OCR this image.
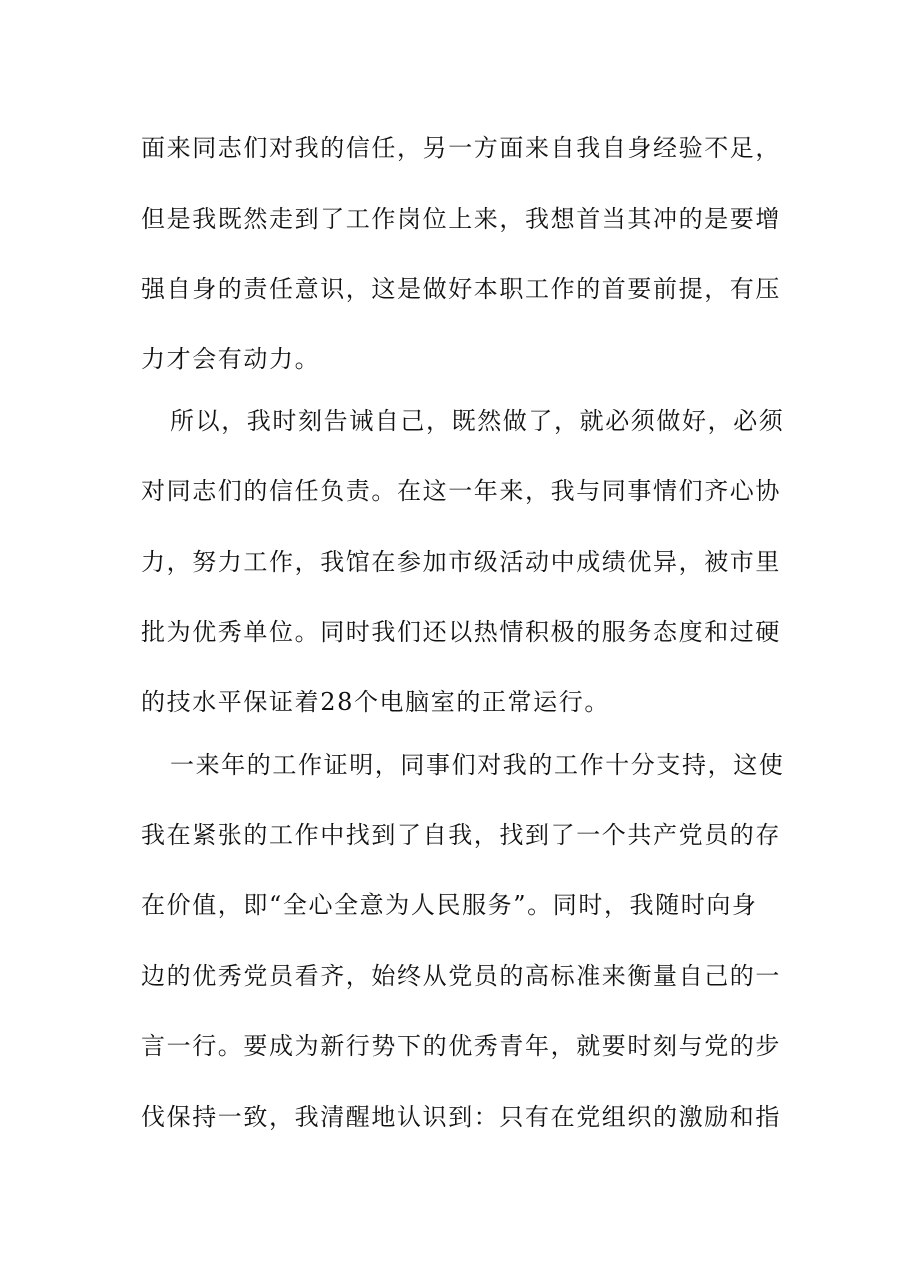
面来同志们对我的信任，另一方面来自我自身经验不足，
但是我既然走到了工作岗位上来，我想首当其冲的是要增
强自身的责任意识，这是做好本职工作的首要前提，有压
力才会有动力。
所以，我时刻告诫自己，既然做了，就必须做好，必须
对同志们的信任负责。在这一年来，我与同事情们齐心协
力，努力工作，我馆在参加市级活动中成绩优异，被市里
批为优秀单位。同时我们还以热情积极的服务态度和过硬
的技水平保证着28个电脑室的正常运行。
一来年的工作证明，同事们对我的工作十分支持，这使
我在紧张的工作中找到了自我，找到了一个共产党员的存
在价值，即“全心全意为人民服务”。同时，我随时向身
边的优秀党员看齐，始终从党员的高标准来衡量自己的一
言一行。要成为新行势下的优秀青年，就要时刻与党的步
伐保持一致，我清醒地认识到：只有在党组织的激励和指
